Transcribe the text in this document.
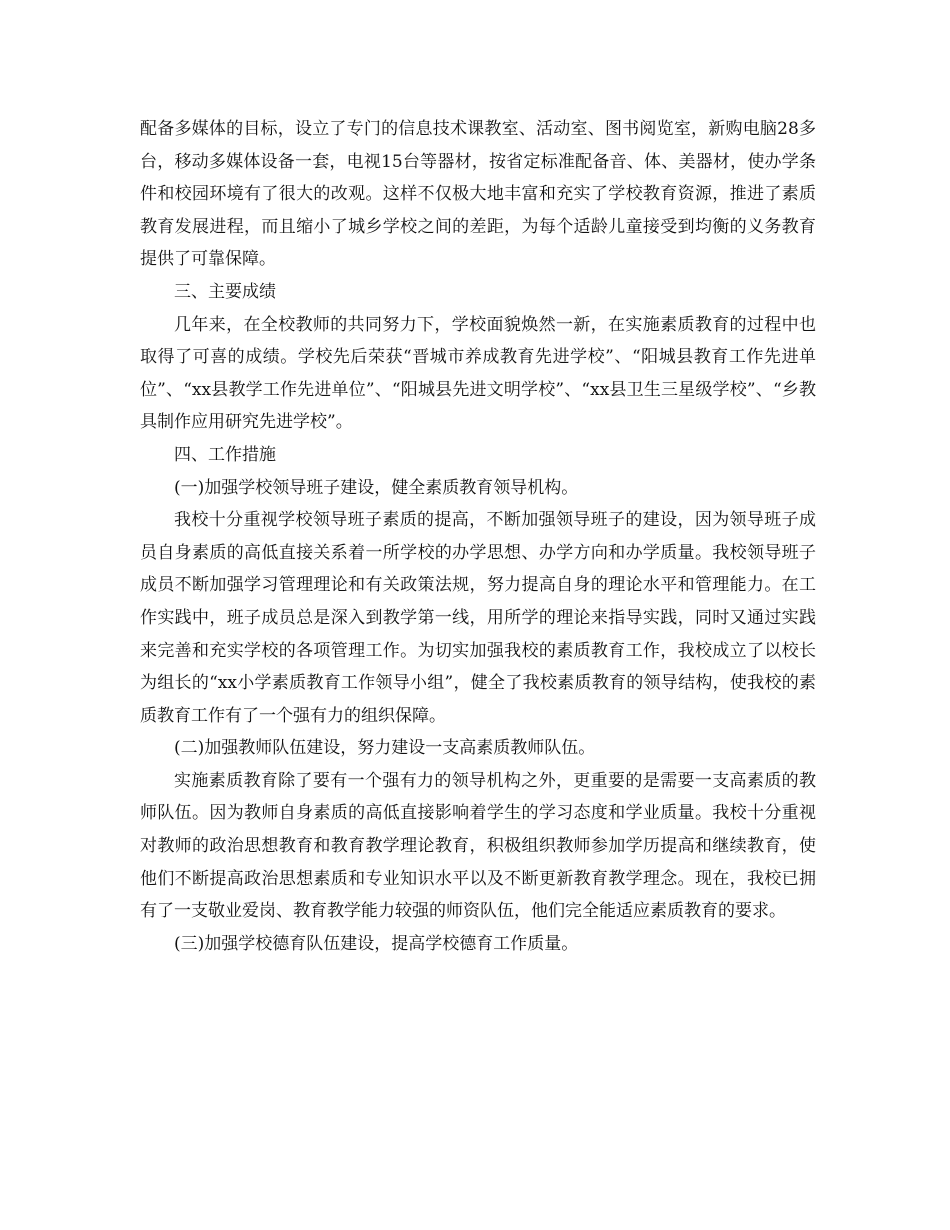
配备多媒体的目标，设立了专门的信息技术课教室、活动室、图书阅览室，新购电脑28多台，移动多媒体设备一套，电视15台等器材，按省定标准配备音、体、美器材，使办学条件和校园环境有了很大的改观。这样不仅极大地丰富和充实了学校教育资源，推进了素质教育发展进程，而且缩小了城乡学校之间的差距，为每个适龄儿童接受到均衡的义务教育提供了可靠保障。

三、主要成绩

几年来，在全校教师的共同努力下，学校面貌焕然一新，在实施素质教育的过程中也取得了可喜的成绩。学校先后荣获“晋城市养成教育先进学校”、“阳城县教育工作先进单位”、“xx县教学工作先进单位”、“阳城县先进文明学校”、“xx县卫生三星级学校”、“乡教具制作应用研究先进学校”。

四、工作措施

(一)加强学校领导班子建设，健全素质教育领导机构。

我校十分重视学校领导班子素质的提高，不断加强领导班子的建设，因为领导班子成员自身素质的高低直接关系着一所学校的办学思想、办学方向和办学质量。我校领导班子成员不断加强学习管理理论和有关政策法规，努力提高自身的理论水平和管理能力。在工作实践中，班子成员总是深入到教学第一线，用所学的理论来指导实践，同时又通过实践来完善和充实学校的各项管理工作。为切实加强我校的素质教育工作，我校成立了以校长为组长的“xx小学素质教育工作领导小组”，健全了我校素质教育的领导结构，使我校的素质教育工作有了一个强有力的组织保障。

(二)加强教师队伍建设，努力建设一支高素质教师队伍。

实施素质教育除了要有一个强有力的领导机构之外，更重要的是需要一支高素质的教师队伍。因为教师自身素质的高低直接影响着学生的学习态度和学业质量。我校十分重视对教师的政治思想教育和教育教学理论教育，积极组织教师参加学历提高和继续教育，使他们不断提高政治思想素质和专业知识水平以及不断更新教育教学理念。现在，我校已拥有了一支敬业爱岗、教育教学能力较强的师资队伍，他们完全能适应素质教育的要求。

(三)加强学校德育队伍建设，提高学校德育工作质量。
